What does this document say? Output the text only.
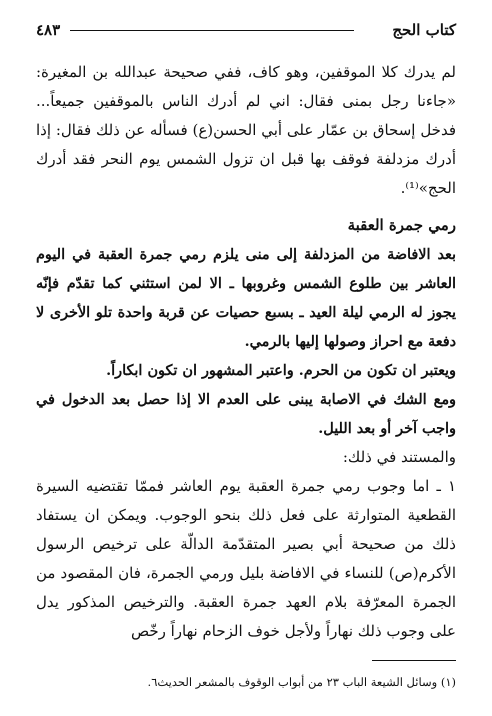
كتاب الحج
٤٨٣

لم يدرك كلا الموقفين، وهو كاف، ففي صحيحة عبدالله بن المغيرة: «جاءنا رجل بمنى فقال: اني لم أدرك الناس بالموقفين جميعاً... فدخل إسحاق بن عمّار على أبي الحسن(ع) فسأله عن ذلك فقال: إذا أدرك مزدلفة فوقف بها قبل ان تزول الشمس يوم النحر فقد أدرك الحج»⁽¹⁾.

رمي جمرة العقبة

بعد الافاضة من المزدلفة إلى منى يلزم رمي جمرة العقبة في اليوم العاشر بين طلوع الشمس وغروبها ـ الا لمن استثني كما تقدّم فإنّه يجوز له الرمي ليلة العيد ـ بسبع حصيات عن قربة واحدة تلو الأخرى لا دفعة مع احراز وصولها إليها بالرمي.

ويعتبر ان تكون من الحرم. واعتبر المشهور ان تكون ابكاراً.

ومع الشك في الاصابة يبنى على العدم الا إذا حصل بعد الدخول في واجب آخر أو بعد الليل.

والمستند في ذلك:

١ ـ اما وجوب رمي جمرة العقبة يوم العاشر فممّا تقتضيه السيرة القطعية المتوارثة على فعل ذلك بنحو الوجوب. ويمكن ان يستفاد ذلك من صحيحة أبي بصير المتقدّمة الدالّة على ترخيص الرسول الأكرم(ص) للنساء في الافاضة بليل ورمي الجمرة، فان المقصود من الجمرة المعرّفة بلام العهد جمرة العقبة. والترخيص المذكور يدل على وجوب ذلك نهاراً ولأجل خوف الزحام نهاراً رخّص

(١) وسائل الشيعة الباب ٢٣ من أبواب الوقوف بالمشعر الحديث٦.
